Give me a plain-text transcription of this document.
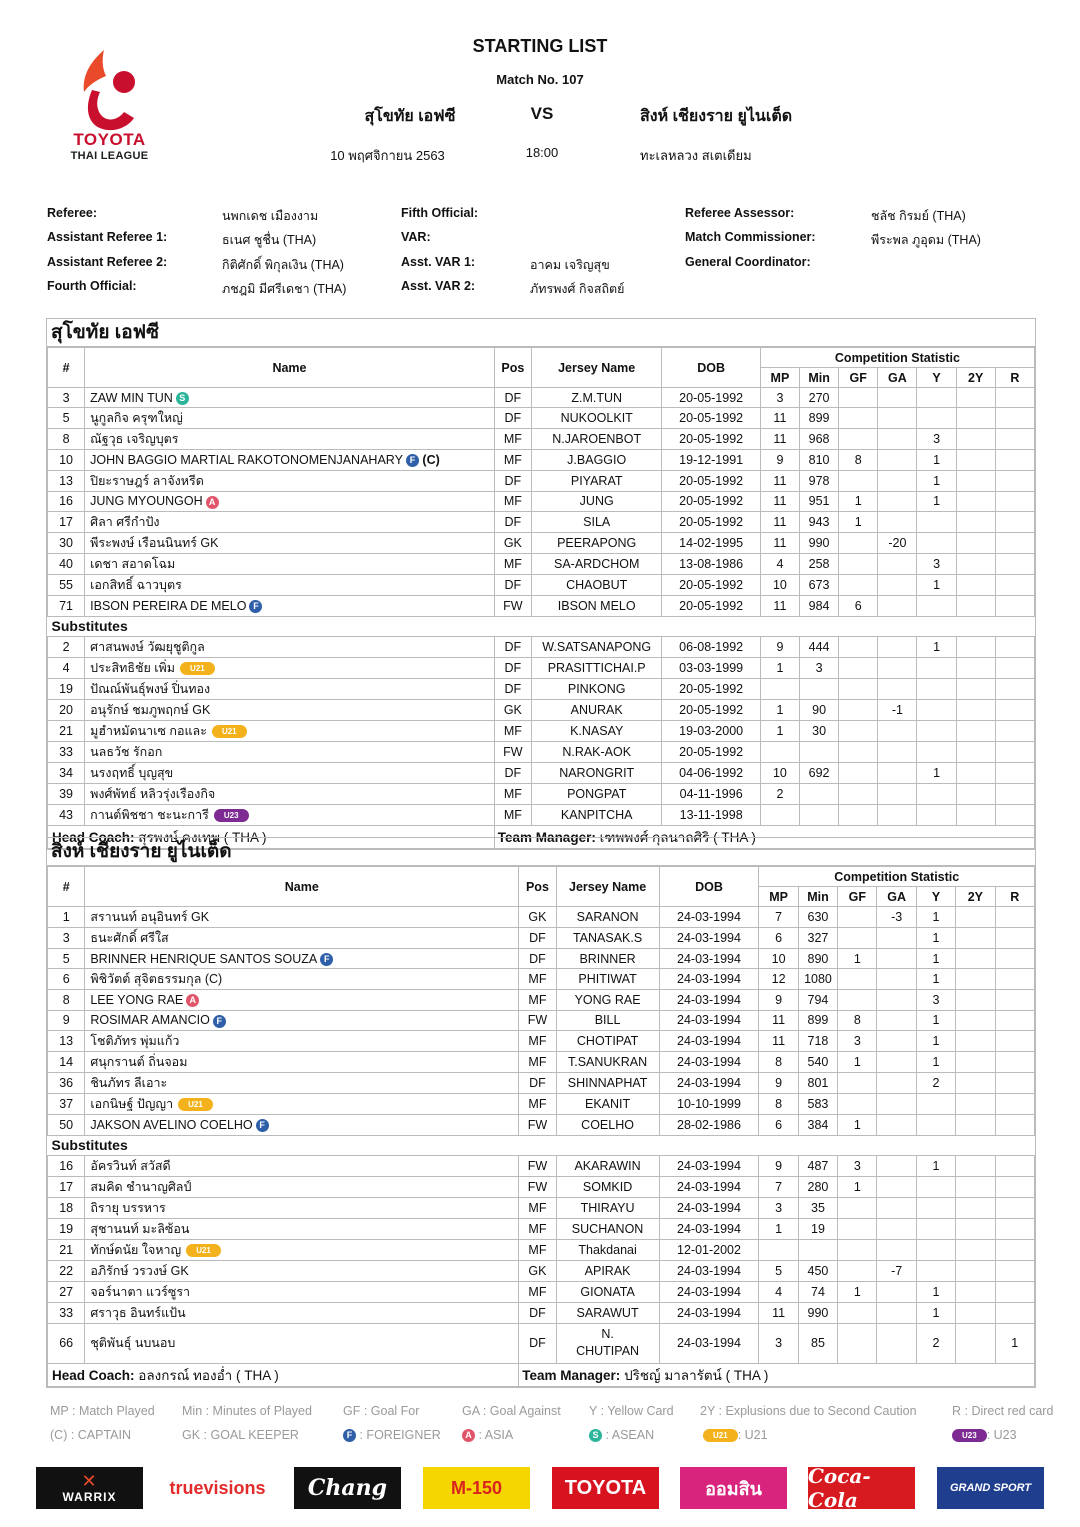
TOYOTA
THAI LEAGUE
STARTING LIST
Match No. 107
สุโขทัย เอฟซี	VS	สิงห์ เชียงราย ยูไนเต็ด
10 พฤศจิกายน 2563	18:00	ทะเลหลวง สเตเดียม
Referee:	นพกเดช เมืองงาม
Assistant Referee 1:	ธเนศ ชูชื่น (THA)
Assistant Referee 2:	กิติศักดิ์ พิกุลเงิน (THA)
Fourth Official:	ภชฎมิ มีศรีเดชา (THA)
Fifth Official:
VAR:
Asst. VAR 1:	อาคม เจริญสุข
Asst. VAR 2:	ภัทรพงศ์ กิจสถิตย์
Referee Assessor:	ชลัช กิรมย์ (THA)
Match Commissioner:	พีระพล ภูอุดม (THA)
General Coordinator:
สุโขทัย เอฟซี
#	Name	Pos	Jersey Name	DOB	Competition Statistic						
					MP	Min	GF	GA	Y	2Y	R
3	ZAW MIN TUN S	DF	Z.M.TUN	20-05-1992	3	270					
5	นูกูลกิจ ครุฑใหญ่	DF	NUKOOLKIT	20-05-1992	11	899					
8	ณัฐวุธ เจริญบุตร	MF	N.JAROENBOT	20-05-1992	11	968			3		
10	JOHN BAGGIO MARTIAL RAKOTONOMENJANAHARY F (C)	MF	J.BAGGIO	19-12-1991	9	810	8		1		
13	ปิยะราษฎร์ ลาจังหรีด	DF	PIYARAT	20-05-1992	11	978			1		
16	JUNG MYOUNGOH A	MF	JUNG	20-05-1992	11	951	1		1		
17	ศิลา ศรีกำปัง	DF	SILA	20-05-1992	11	943	1				
30	พีระพงษ์ เรือนนินทร์ GK	GK	PEERAPONG	14-02-1995	11	990		-20			
40	เดชา สอาดโฉม	MF	SA-ARDCHOM	13-08-1986	4	258			3		
55	เอกสิทธิ์ ฉาวบุตร	DF	CHAOBUT	20-05-1992	10	673			1		
71	IBSON PEREIRA DE MELO F	FW	IBSON MELO	20-05-1992	11	984	6				
Substitutes											
2	ศาสนพงษ์ วัฒยุชูติกูล	DF	W.SATSANAPONG	06-08-1992	9	444			1		
4	ประสิทธิชัย เพิ่ม U21	DF	PRASITTICHAI.P	03-03-1999	1	3					
19	ปัณณ์พันธุ์พงษ์ ปิ่นทอง	DF	PINKONG	20-05-1992							
20	อนุรักษ์ ชมภูพฤกษ์ GK	GK	ANURAK	20-05-1992	1	90		-1			
21	มูฮำหมัดนาเซ กอและ U21	MF	K.NASAY	19-03-2000	1	30					
33	นลธวัช รักอก	FW	N.RAK-AOK	20-05-1992							
34	นรงฤทธิ์ บุญสุข	DF	NARONGRIT	04-06-1992	10	692			1		
39	พงศ์พัทธ์ หลิวรุ่งเรืองกิจ	MF	PONGPAT	04-11-1996	2						
43	กานต์พิชชา ชะนะการี U23	MF	KANPITCHA	13-11-1998							
Head Coach: สุรพงษ์ คงเทพ ( THA )		Team Manager: เฑพพงศ์ กุลนาถศิริ ( THA )									
สิงห์ เชียงราย ยูไนเต็ด
#	Name	Pos	Jersey Name	DOB	Competition Statistic						
					MP	Min	GF	GA	Y	2Y	R
1	สรานนท์ อนุอินทร์ GK	GK	SARANON	24-03-1994	7	630		-3	1		
3	ธนะศักดิ์ ศรีใส	DF	TANASAK.S	24-03-1994	6	327			1		
5	BRINNER HENRIQUE SANTOS SOUZA F	DF	BRINNER	24-03-1994	10	890	1		1		
6	พิชิวัตต์ สุจิตธรรมกุล (C)	MF	PHITIWAT	24-03-1994	12	1080			1		
8	LEE YONG RAE A	MF	YONG RAE	24-03-1994	9	794			3		
9	ROSIMAR AMANCIO F	FW	BILL	24-03-1994	11	899	8		1		
13	โชติภัทร พุ่มแก้ว	MF	CHOTIPAT	24-03-1994	11	718	3		1		
14	ศนุกรานต์ ถิ่นจอม	MF	T.SANUKRAN	24-03-1994	8	540	1		1		
36	ชินภัทร ลีเอาะ	DF	SHINNAPHAT	24-03-1994	9	801			2		
37	เอกนิษฐ์ ปัญญา U21	MF	EKANIT	10-10-1999	8	583					
50	JAKSON AVELINO COELHO F	FW	COELHO	28-02-1986	6	384	1				
Substitutes											
16	อัครวินท์ สวัสดี	FW	AKARAWIN	24-03-1994	9	487	3		1		
17	สมคิด ชำนาญศิลป์	FW	SOMKID	24-03-1994	7	280	1				
18	ถิรายุ บรรหาร	MF	THIRAYU	24-03-1994	3	35					
19	สุชานนท์ มะลิซ้อน	MF	SUCHANON	24-03-1994	1	19					
21	ทักษ์ดนัย ใจหาญ U21	MF	Thakdanai	12-01-2002							
22	อภิรักษ์ วรวงษ์ GK	GK	APIRAK	24-03-1994	5	450		-7			
27	จอร์นาตา แวร์ซูรา	MF	GIONATA	24-03-1994	4	74	1		1		
33	ศราวุธ อินทร์แป้น	DF	SARAWUT	24-03-1994	11	990			1		
66	ชุติพันธุ์ นบนอบ	DF	N.
CHUTIPAN	24-03-1994	3	85			2		1
Head Coach: อลงกรณ์ ทองอ่ำ ( THA )		Team Manager: ปริชญ์ มาลารัตน์ ( THA )									
MP : Match Played Min : Minutes of Played GF : Goal For	GA : Goal Against Y : Yellow Card 2Y : Explusions due to Second Caution	R : Direct red card
(C) : CAPTAIN	GK : GOAL KEEPER	F : FOREIGNER	A : ASIA	S : ASEAN	U21 : U21	U23 : U23
✕
WARRIX	truevisions	Chang	M-150	TOYOTA	ออมสิน
Coca-Cola	GRAND SPORT
